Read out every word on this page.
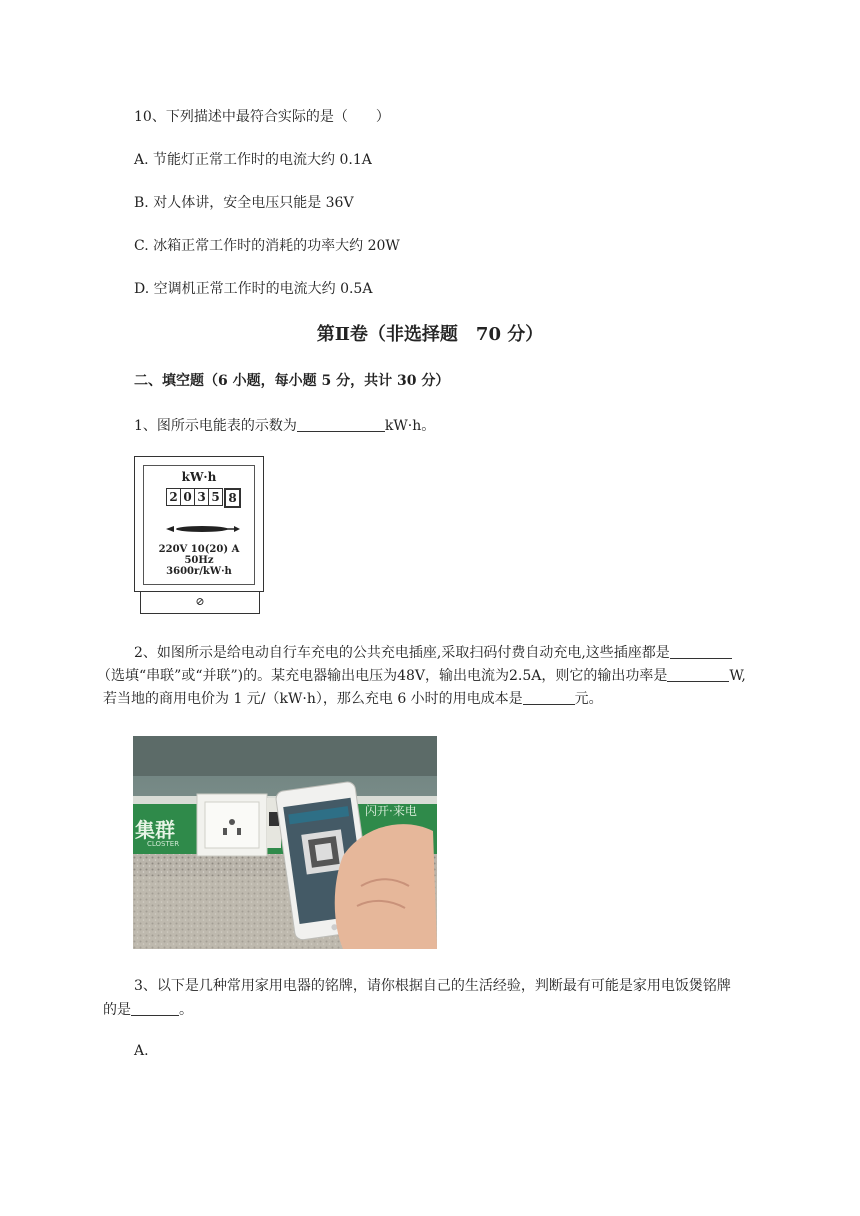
10、下列描述中最符合实际的是（　　）
A. 节能灯正常工作时的电流大约 0.1A
B. 对人体讲，安全电压只能是 36V
C. 冰箱正常工作时的消耗的功率大约 20W
D. 空调机正常工作时的电流大约 0.5A
第Ⅱ卷（非选择题　70 分）
二、填空题（6 小题，每小题 5 分，共计 30 分）
1、图所示电能表的示数为	kW·h。
kW·h
2 0 3 5 8
220V 10(20) A 50Hz
3600r/kW·h
⊘
2、如图所示是给电动自行车充电的公共充电插座,采取扫码付费自动充电,这些插座都是
（选填“串联”或“并联”)的。某充电器输出电压为48V，输出电流为2.5A，则它的输出功率是	W,
若当地的商用电价为 1 元/（kW·h），那么充电 6 小时的用电成本是	元。
集群
CLOSTER
闪开·来电
3、以下是几种常用家用电器的铭牌，请你根据自己的生活经验，判断最有可能是家用电饭煲铭牌
的是	。
A.
